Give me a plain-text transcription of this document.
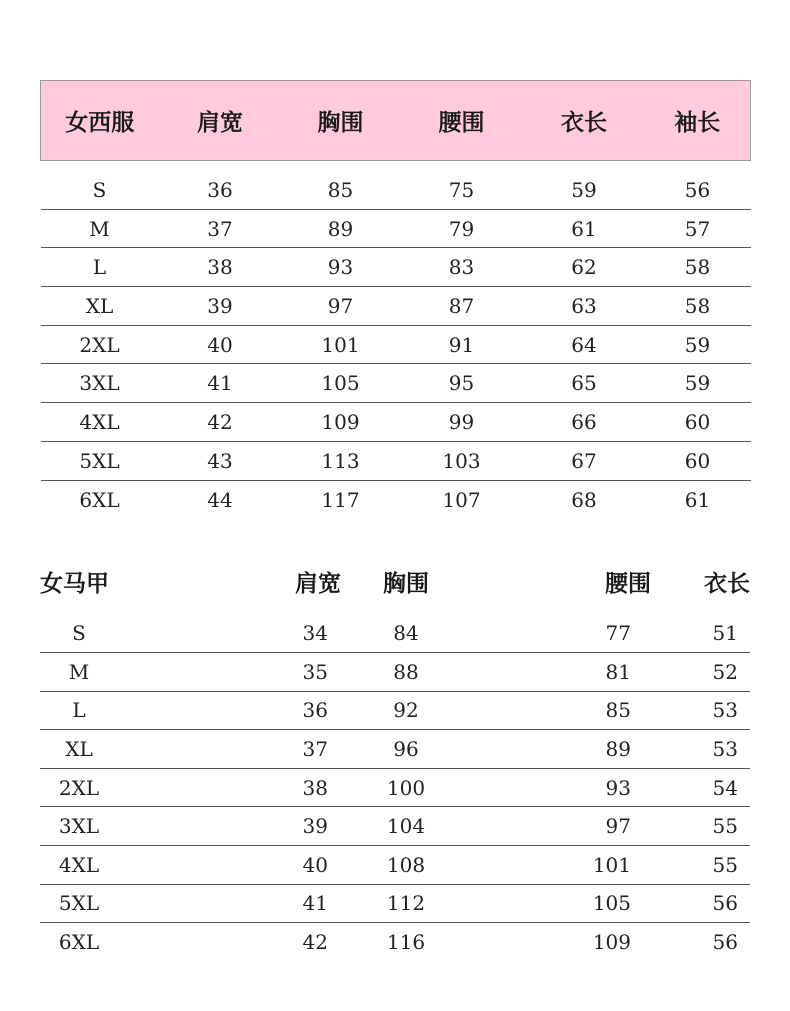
女西服	肩宽	胸围	腰围	衣长	袖长

S	36	85	75	59	56
M	37	89	79	61	57
L	38	93	83	62	58
XL	39	97	87	63	58
2XL	40	101	91	64	59
3XL	41	105	95	65	59
4XL	42	109	99	66	60
5XL	43	113	103	67	60
6XL	44	117	107	68	61
女马甲	肩宽	胸围	腰围	衣长

S	34	84	77	51
M	35	88	81	52
L	36	92	85	53
XL	37	96	89	53
2XL	38	100	93	54
3XL	39	104	97	55
4XL	40	108	101	55
5XL	41	112	105	56
6XL	42	116	109	56
